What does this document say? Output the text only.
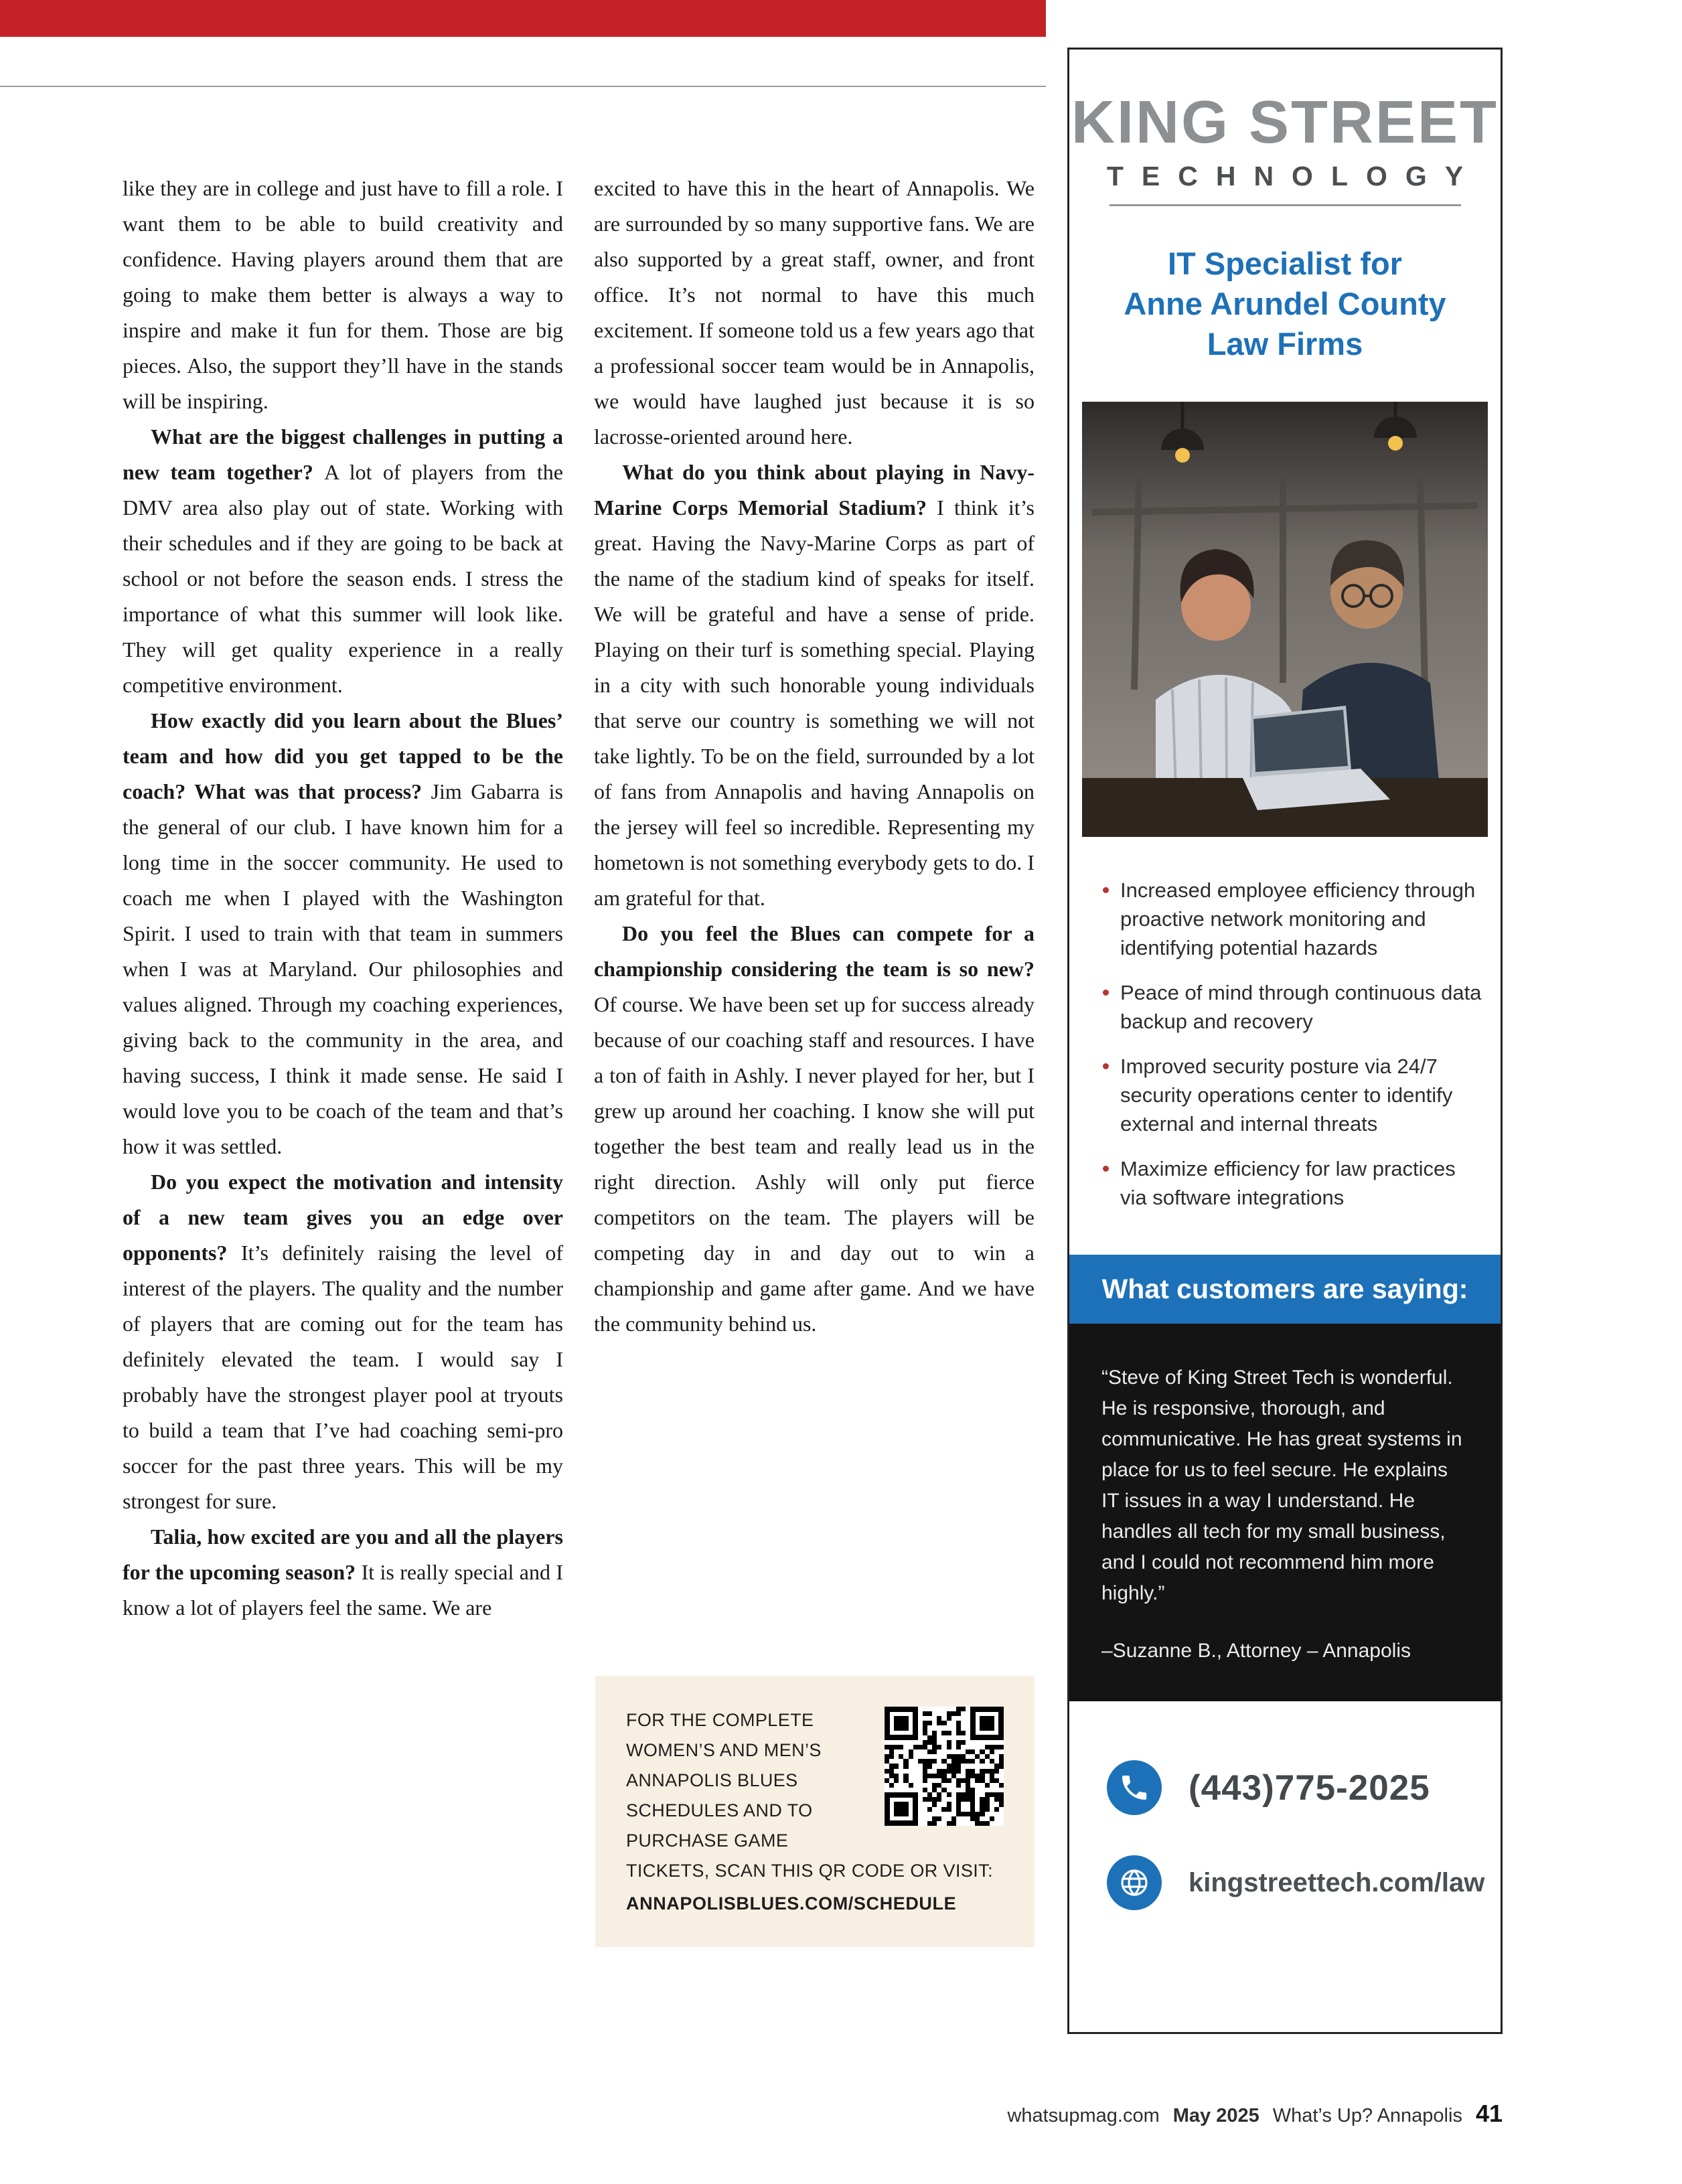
like they are in college and just have to fill a role. I want them to be able to build creativity and confidence. Having players around them that are going to make them better is always a way to inspire and make it fun for them. Those are big pieces. Also, the support they’ll have in the stands will be inspiring.

What are the biggest challenges in putting a new team together? A lot of players from the DMV area also play out of state. Working with their schedules and if they are going to be back at school or not before the season ends. I stress the importance of what this summer will look like. They will get quality experience in a really competitive environment.

How exactly did you learn about the Blues’ team and how did you get tapped to be the coach? What was that process? Jim Gabarra is the general of our club. I have known him for a long time in the soccer community. He used to coach me when I played with the Washington Spirit. I used to train with that team in summers when I was at Maryland. Our philosophies and values aligned. Through my coaching experiences, giving back to the community in the area, and having success, I think it made sense. He said I would love you to be coach of the team and that’s how it was settled.

Do you expect the motivation and intensity of a new team gives you an edge over opponents? It’s definitely raising the level of interest of the players. The quality and the number of players that are coming out for the team has definitely elevated the team. I would say I probably have the strongest player pool at tryouts to build a team that I’ve had coaching semi-pro soccer for the past three years. This will be my strongest for sure.

Talia, how excited are you and all the players for the upcoming season? It is really special and I know a lot of players feel the same. We are

excited to have this in the heart of Annapolis. We are surrounded by so many supportive fans. We are also supported by a great staff, owner, and front office. It’s not normal to have this much excitement. If someone told us a few years ago that a professional soccer team would be in Annapolis, we would have laughed just because it is so lacrosse-oriented around here.

What do you think about playing in Navy-Marine Corps Memorial Stadium? I think it’s great. Having the Navy-Marine Corps as part of the name of the stadium kind of speaks for itself. We will be grateful and have a sense of pride. Playing on their turf is something special. Playing in a city with such honorable young individuals that serve our country is something we will not take lightly. To be on the field, surrounded by a lot of fans from Annapolis and having Annapolis on the jersey will feel so incredible. Representing my hometown is not something everybody gets to do. I am grateful for that.

Do you feel the Blues can compete for a championship considering the team is so new? Of course. We have been set up for success already because of our coaching staff and resources. I have a ton of faith in Ashly. I never played for her, but I grew up around her coaching. I know she will put together the best team and really lead us in the right direction. Ashly will only put fierce competitors on the team. The players will be competing day in and day out to win a championship and game after game. And we have the community behind us.

FOR THE COMPLETE WOMEN’S AND MEN’S ANNAPOLIS BLUES SCHEDULES AND TO PURCHASE GAME TICKETS, SCAN THIS QR CODE OR VISIT:
ANNAPOLISBLUES.COM/SCHEDULE

KING STREET
TECHNOLOGY
IT Specialist for
Anne Arundel County
Law Firms
Increased employee efficiency through proactive network monitoring and identifying potential hazards
Peace of mind through continuous data backup and recovery
Improved security posture via 24/7 security operations center to identify external and internal threats
Maximize efficiency for law practices via software integrations
What customers are saying:

“Steve of King Street Tech is wonderful. He is responsive, thorough, and communicative. He has great systems in place for us to feel secure. He explains IT issues in a way I understand. He handles all tech for my small business, and I could not recommend him more highly.”

–Suzanne B., Attorney – Annapolis

(443)775-2025
kingstreettech.com/law
whatsupmag.com May 2025 What’s Up? Annapolis 41
